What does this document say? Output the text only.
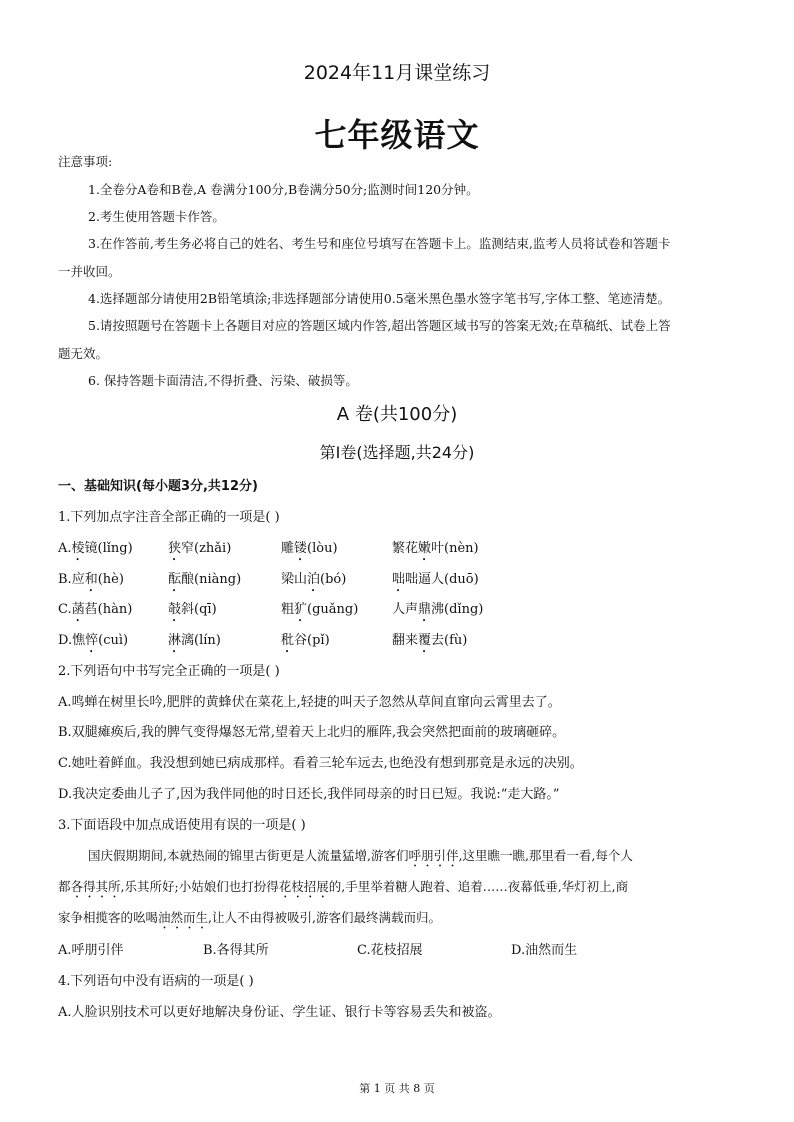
2024年11月课堂练习
七年级语文
注意事项:
1.全卷分A卷和B卷,A 卷满分100分,B卷满分50分;监测时间120分钟。
2.考生使用答题卡作答。
3.在作答前,考生务必将自己的姓名、考生号和座位号填写在答题卡上。监测结束,监考人员将试卷和答题卡
一并收回。
4.选择题部分请使用2B铅笔填涂;非选择题部分请使用0.5毫米黑色墨水签字笔书写,字体工整、笔迹清楚。
5.请按照题号在答题卡上各题目对应的答题区域内作答,超出答题区域书写的答案无效;在草稿纸、试卷上答
题无效。
6. 保持答题卡面清洁,不得折叠、污染、破损等。
A 卷(共100分)
第Ⅰ卷(选择题,共24分)
一、基础知识(每小题3分,共12分)
1.下列加点字注音全部正确的一项是( )
A.棱镜(lǐng)	狭窄(zhǎi)	雕镂(lòu)	繁花嫩叶(nèn)
B.应和(hè)	酝酿(niàng)	梁山泊(bó)	咄咄逼人(duō)
C.菡萏(hàn)	攲斜(qī)	粗犷(guǎng)	人声鼎沸(dǐng)
D.憔悴(cuì)	淋漓(lín)	秕谷(pǐ)	翻来覆去(fù)
2.下列语句中书写完全正确的一项是( )
A.鸣蝉在树里长吟,肥胖的黄蜂伏在菜花上,轻捷的叫天子忽然从草间直窜向云霄里去了。
B.双腿瘫痪后,我的脾气变得爆怒无常,望着天上北归的雁阵,我会突然把面前的玻璃砸碎。
C.她吐着鲜血。我没想到她已病成那样。看着三轮车远去,也绝没有想到那竟是永远的决别。
D.我决定委曲儿子了,因为我伴同他的时日还长,我伴同母亲的时日已短。我说:“走大路。”
3.下面语段中加点成语使用有误的一项是( )
国庆假期期间,本就热闹的锦里古街更是人流量猛增,游客们呼朋引伴,这里瞧一瞧,那里看一看,每个人
都各得其所,乐其所好;小姑娘们也打扮得花枝招展的,手里举着糖人跑着、追着……夜幕低垂,华灯初上,商
家争相揽客的吆喝油然而生,让人不由得被吸引,游客们最终满载而归。
A.呼朋引伴	B.各得其所	C.花枝招展	D.油然而生
4.下列语句中没有语病的一项是( )
A.人脸识别技术可以更好地解决身份证、学生证、银行卡等容易丢失和被盗。
第 1 页 共 8 页
